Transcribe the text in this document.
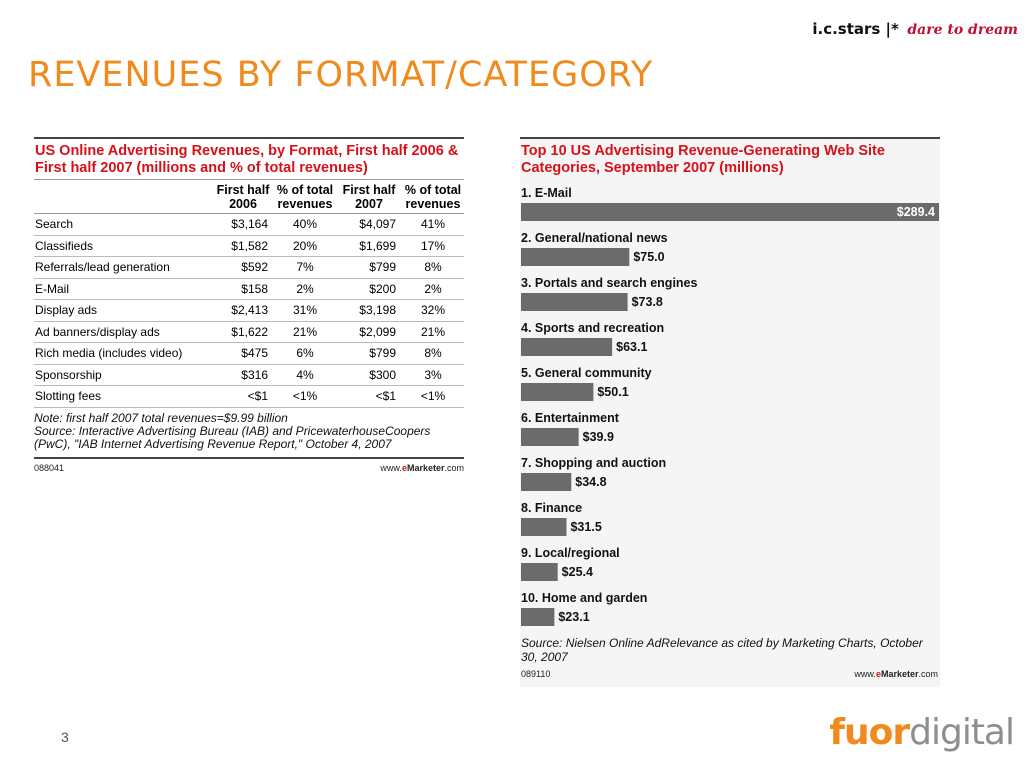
i.c.stars |* dare to dream
REVENUES BY FORMAT/CATEGORY
US Online Advertising Revenues, by Format, First half 2006 & First half 2007 (millions and % of total revenues)
	First half 2006	% of total revenues	First half 2007	% of total revenues
Search	$3,164	40%	$4,097	41%
Classifieds	$1,582	20%	$1,699	17%
Referrals/lead generation	$592	7%	$799	8%
E-Mail	$158	2%	$200	2%
Display ads	$2,413	31%	$3,198	32%
Ad banners/display ads	$1,622	21%	$2,099	21%
Rich media (includes video)	$475	6%	$799	8%
Sponsorship	$316	4%	$300	3%
Slotting fees	<$1	<1%	<$1	<1%
Note: first half 2007 total revenues=$9.99 billion
Source: Interactive Advertising Bureau (IAB) and PricewaterhouseCoopers (PwC), "IAB Internet Advertising Revenue Report," October 4, 2007
088041	www.eMarketer.com
Top 10 US Advertising Revenue-Generating Web Site Categories, September 2007 (millions)
1. E-Mail
$289.4
2. General/national news
$75.0
3. Portals and search engines
$73.8
4. Sports and recreation
$63.1
5. General community
$50.1
6. Entertainment
$39.9
7. Shopping and auction
$34.8
8. Finance
$31.5
9. Local/regional
$25.4
10. Home and garden
$23.1
Source: Nielsen Online AdRelevance as cited by Marketing Charts, October 30, 2007
089110	www.eMarketer.com
3	fuordigital
